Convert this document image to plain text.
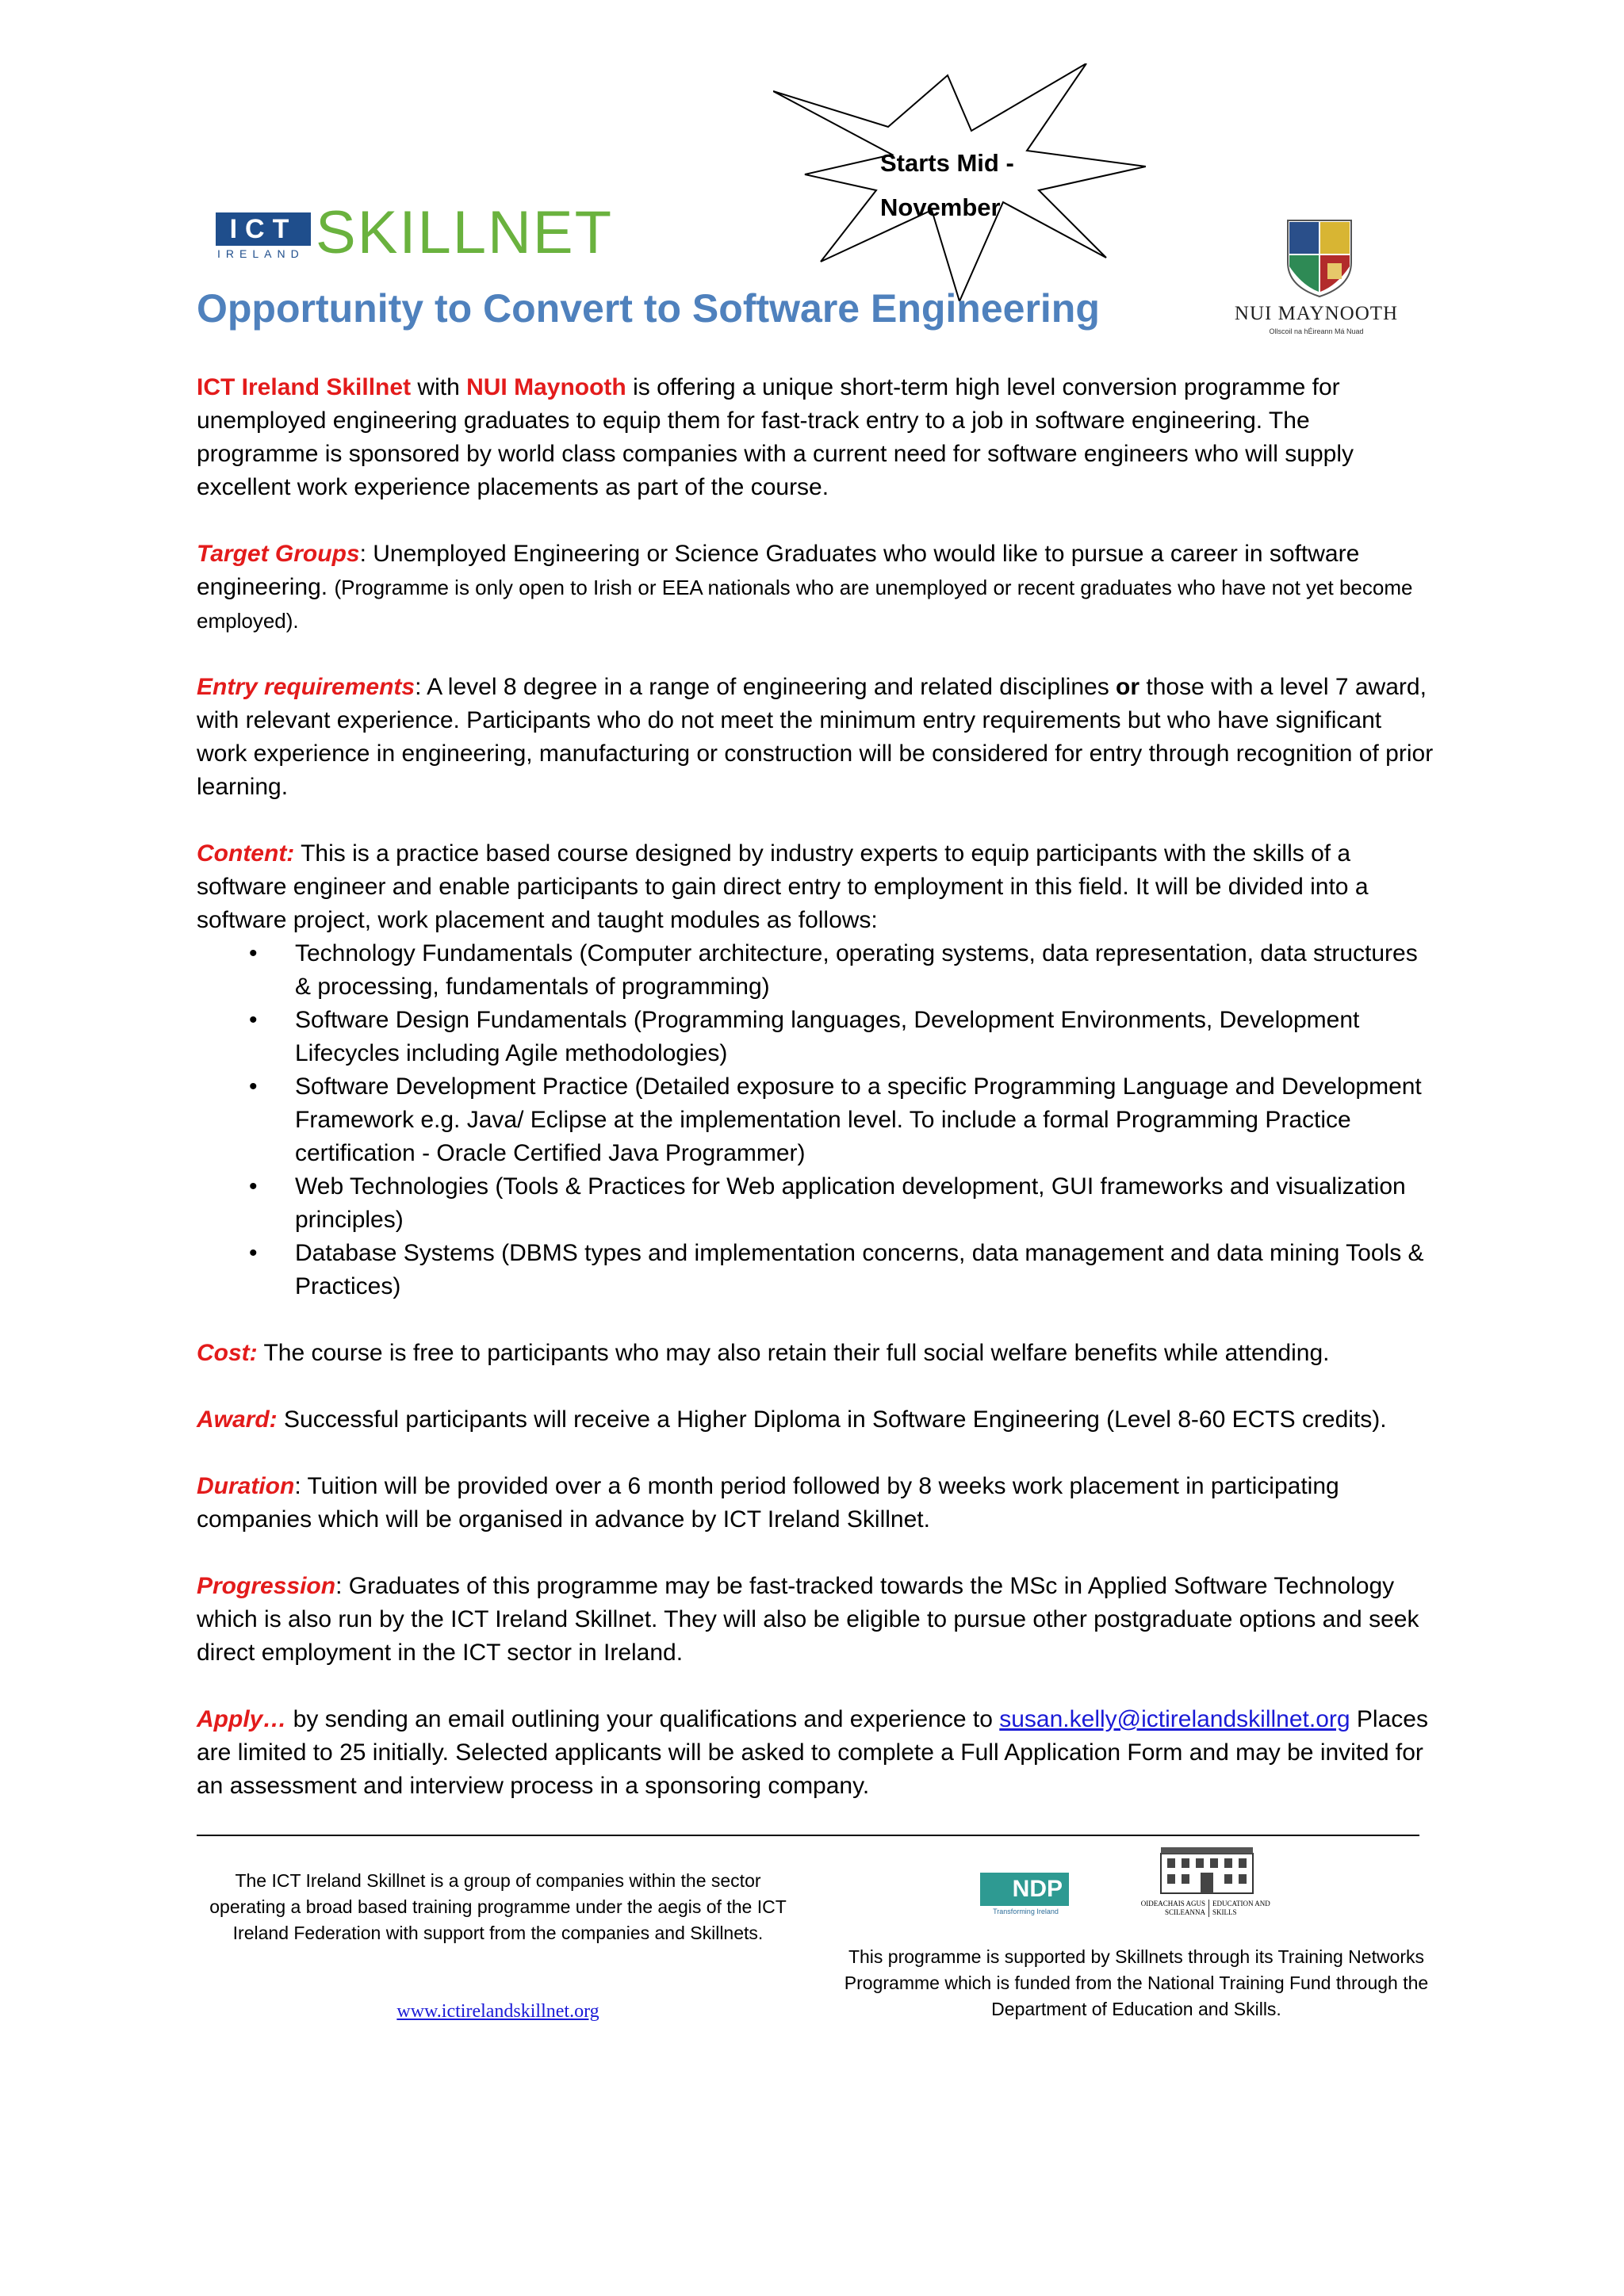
ICT
IRELAND SKILLNET
Starts Mid -
November
NUI MAYNOOTH
Ollscoil na hÉireann Má Nuad
Opportunity to Convert to Software Engineering

ICT Ireland Skillnet with NUI Maynooth is offering a unique short-term high level conversion programme for unemployed engineering graduates to equip them for fast-track entry to a job in software engineering. The programme is sponsored by world class companies with a current need for software engineers who will supply excellent work experience placements as part of the course.

Target Groups: Unemployed Engineering or Science Graduates who would like to pursue a career in software engineering. (Programme is only open to Irish or EEA nationals who are unemployed or recent graduates who have not yet become employed).

Entry requirements: A level 8 degree in a range of engineering and related disciplines or those with a level 7 award, with relevant experience. Participants who do not meet the minimum entry requirements but who have significant work experience in engineering, manufacturing or construction will be considered for entry through recognition of prior learning.

Content: This is a practice based course designed by industry experts to equip participants with the skills of a software engineer and enable participants to gain direct entry to employment in this field. It will be divided into a software project, work placement and taught modules as follows:
• Technology Fundamentals (Computer architecture, operating systems, data representation, data structures & processing, fundamentals of programming)
• Software Design Fundamentals (Programming languages, Development Environments, Development Lifecycles including Agile methodologies)
• Software Development Practice (Detailed exposure to a specific Programming Language and Development Framework e.g. Java/ Eclipse at the implementation level. To include a formal Programming Practice certification - Oracle Certified Java Programmer)
• Web Technologies (Tools & Practices for Web application development, GUI frameworks and visualization principles)
• Database Systems (DBMS types and implementation concerns, data management and data mining Tools & Practices)

Cost: The course is free to participants who may also retain their full social welfare benefits while attending.

Award: Successful participants will receive a Higher Diploma in Software Engineering (Level 8-60 ECTS credits).

Duration: Tuition will be provided over a 6 month period followed by 8 weeks work placement in participating companies which will be organised in advance by ICT Ireland Skillnet.

Progression: Graduates of this programme may be fast-tracked towards the MSc in Applied Software Technology which is also run by the ICT Ireland Skillnet. They will also be eligible to pursue other postgraduate options and seek direct employment in the ICT sector in Ireland.

Apply… by sending an email outlining your qualifications and experience to susan.kelly@ictirelandskillnet.org Places are limited to 25 initially. Selected applicants will be asked to complete a Full Application Form and may be invited for an assessment and interview process in a sponsoring company.

The ICT Ireland Skillnet is a group of companies within the sector operating a broad based training programme under the aegis of the ICT Ireland Federation with support from the companies and Skillnets.
www.ictirelandskillnet.org
NDP
Transforming Ireland
OIDEACHAIS AGUS SCILEANNA
EDUCATION AND SKILLS
This programme is supported by Skillnets through its Training Networks Programme which is funded from the National Training Fund through the Department of Education and Skills.
